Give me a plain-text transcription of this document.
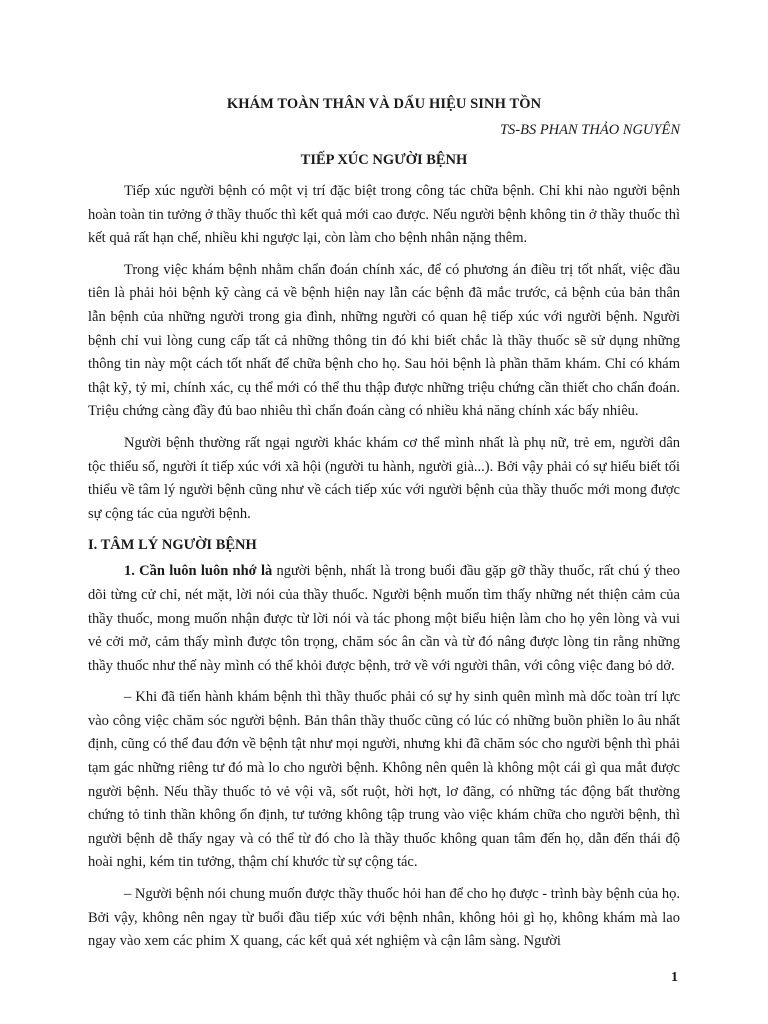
KHÁM TOÀN THÂN VÀ DẤU HIỆU SINH TỒN
TS-BS PHAN THẢO NGUYÊN
TIẾP XÚC NGƯỜI BỆNH

Tiếp xúc người bệnh có một vị trí đặc biệt trong công tác chữa bệnh. Chỉ khi nào người bệnh hoàn toàn tin tưởng ở thầy thuốc thì kết quả mới cao được. Nếu người bệnh không tin ở thầy thuốc thì kết quả rất hạn chế, nhiều khi ngược lại, còn làm cho bệnh nhân nặng thêm.

Trong việc khám bệnh nhằm chẩn đoán chính xác, để có phương án điều trị tốt nhất, việc đầu tiên là phải hỏi bệnh kỹ càng cả về bệnh hiện nay lẫn các bệnh đã mắc trước, cả bệnh của bản thân lẫn bệnh của những người trong gia đình, những người có quan hệ tiếp xúc với người bệnh. Người bệnh chỉ vui lòng cung cấp tất cả những thông tin đó khi biết chắc là thầy thuốc sẽ sử dụng những thông tin này một cách tốt nhất để chữa bệnh cho họ. Sau hỏi bệnh là phần thăm khám. Chỉ có khám thật kỹ, tỷ mỉ, chính xác, cụ thể mới có thể thu thập được những triệu chứng cần thiết cho chẩn đoán. Triệu chứng càng đầy đủ bao nhiêu thì chẩn đoán càng có nhiều khả năng chính xác bấy nhiêu.

Người bệnh thường rất ngại người khác khám cơ thể mình nhất là phụ nữ, trẻ em, người dân tộc thiểu số, người ít tiếp xúc với xã hội (người tu hành, người già...). Bởi vậy phải có sự hiểu biết tối thiểu về tâm lý người bệnh cũng như về cách tiếp xúc với người bệnh của thầy thuốc mới mong được sự cộng tác của người bệnh.

I. TÂM LÝ NGƯỜI BỆNH

1. Cần luôn luôn nhớ là người bệnh, nhất là trong buổi đầu gặp gỡ thầy thuốc, rất chú ý theo dõi từng cử chỉ, nét mặt, lời nói của thầy thuốc. Người bệnh muốn tìm thấy những nét thiện cảm của thầy thuốc, mong muốn nhận được từ lời nói và tác phong một biểu hiện làm cho họ yên lòng và vui vẻ cởi mở, cảm thấy mình được tôn trọng, chăm sóc ân cần và từ đó nâng được lòng tin rằng những thầy thuốc như thế này mình có thể khỏi được bệnh, trở về với người thân, với công việc đang bỏ dở.

– Khi đã tiến hành khám bệnh thì thầy thuốc phải có sự hy sinh quên mình mà dốc toàn trí lực vào công việc chăm sóc người bệnh. Bản thân thầy thuốc cũng có lúc có những buồn phiền lo âu nhất định, cũng có thể đau đớn về bệnh tật như mọi người, nhưng khi đã chăm sóc cho người bệnh thì phải tạm gác những riêng tư đó mà lo cho người bệnh. Không nên quên là không một cái gì qua mắt được người bệnh. Nếu thầy thuốc tỏ vẻ vội vã, sốt ruột, hời hợt, lơ đãng, có những tác động bất thường chứng tỏ tinh thần không ổn định, tư tưởng không tập trung vào việc khám chữa cho người bệnh, thì người bệnh dễ thấy ngay và có thể từ đó cho là thầy thuốc không quan tâm đến họ, dẫn đến thái độ hoài nghi, kém tin tưởng, thậm chí khước từ sự cộng tác.

– Người bệnh nói chung muốn được thầy thuốc hỏi han để cho họ được - trình bày bệnh của họ. Bởi vậy, không nên ngay từ buổi đầu tiếp xúc với bệnh nhân, không hỏi gì họ, không khám mà lao ngay vào xem các phim X quang, các kết quả xét nghiệm và cận lâm sàng. Người

1
